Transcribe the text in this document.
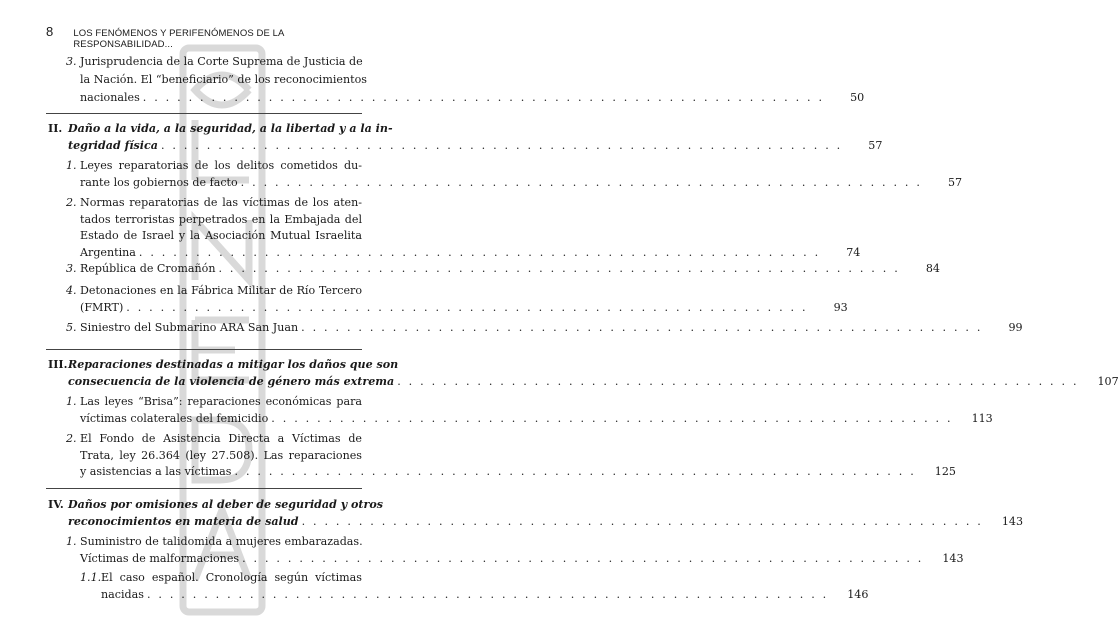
8 LOS FENÓMENOS Y PERIFENÓMENOS DE LA RESPONSABILIDAD...
3. Jurisprudencia de la Corte Suprema de Justicia de
la Nación. El “beneficiario” de los reconocimientos
nacionales . . . . . . . . . . . . . . . . . . . . . . . . . . . . . . . . . . . . . . . . . . . . . . . . . . . . . . . . . . . .	50
II. Daño a la vida, a la seguridad, a la libertad y a la in-
tegridad física . . . . . . . . . . . . . . . . . . . . . . . . . . . . . . . . . . . . . . . . . . . . . . . . . . . . . . . . . . . .	57
1. Leyes reparatorias de los delitos cometidos du-
rante los gobiernos de facto . . . . . . . . . . . . . . . . . . . . . . . . . . . . . . . . . . . . . . . . . . . . . . . . . . . . . . . . . . . .	57
2. Normas reparatorias de las víctimas de los aten-
tados terroristas perpetrados en la Embajada del
Estado de Israel y la Asociación Mutual Israelita
Argentina . . . . . . . . . . . . . . . . . . . . . . . . . . . . . . . . . . . . . . . . . . . . . . . . . . . . . . . . . . . .	74
3. República de Cromañón . . . . . . . . . . . . . . . . . . . . . . . . . . . . . . . . . . . . . . . . . . . . . . . . . . . . . . . . . . . .	84
4. Detonaciones en la Fábrica Militar de Río Tercero
(FMRT) . . . . . . . . . . . . . . . . . . . . . . . . . . . . . . . . . . . . . . . . . . . . . . . . . . . . . . . . . . . .	93
5. Siniestro del Submarino ARA San Juan . . . . . . . . . . . . . . . . . . . . . . . . . . . . . . . . . . . . . . . . . . . . . . . . . . . . . . . . . . . .	99
III. Reparaciones destinadas a mitigar los daños que son
consecuencia de la violencia de género más extrema . . . . . . . . . . . . . . . . . . . . . . . . . . . . . . . . . . . . . . . . . . . . . . . . . . . . . . . . . . . .	107
1. Las leyes “Brisa”: reparaciones económicas para
víctimas colaterales del femicidio . . . . . . . . . . . . . . . . . . . . . . . . . . . . . . . . . . . . . . . . . . . . . . . . . . . . . . . . . . . .	113
2. El Fondo de Asistencia Directa a Víctimas de
Trata, ley 26.364 (ley 27.508). Las reparaciones
y asistencias a las víctimas . . . . . . . . . . . . . . . . . . . . . . . . . . . . . . . . . . . . . . . . . . . . . . . . . . . . . . . . . . . .	125
IV. Daños por omisiones al deber de seguridad y otros
reconocimientos en materia de salud . . . . . . . . . . . . . . . . . . . . . . . . . . . . . . . . . . . . . . . . . . . . . . . . . . . . . . . . . . . .	143
1. Suministro de talidomida a mujeres embarazadas.
Víctimas de malformaciones . . . . . . . . . . . . . . . . . . . . . . . . . . . . . . . . . . . . . . . . . . . . . . . . . . . . . . . . . . . .	143
1.1. El caso español. Cronología según víctimas
nacidas . . . . . . . . . . . . . . . . . . . . . . . . . . . . . . . . . . . . . . . . . . . . . . . . . . . . . . . . . . . .	146
